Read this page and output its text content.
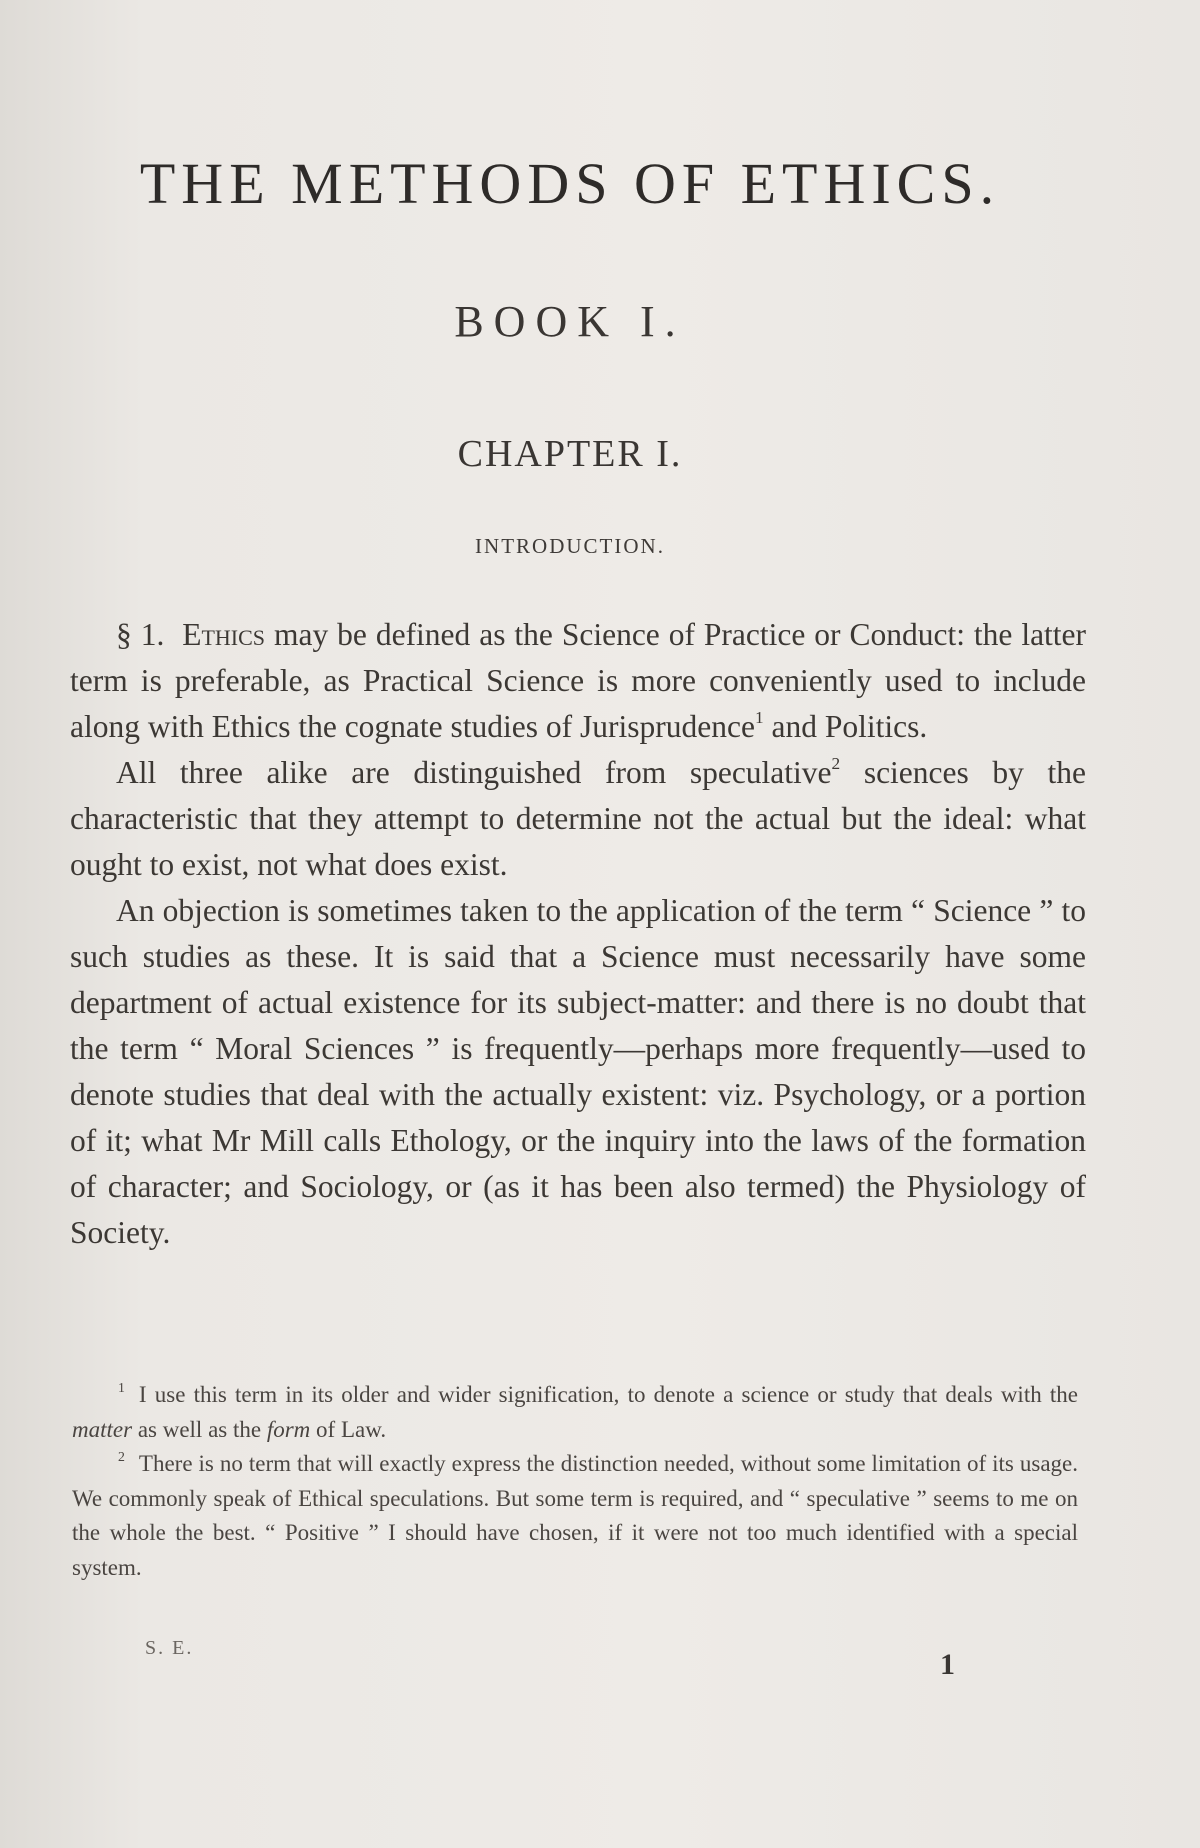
THE METHODS OF ETHICS.
BOOK I.
CHAPTER I.
INTRODUCTION.

§ 1. Ethics may be defined as the Science of Practice or Conduct: the latter term is preferable, as Practical Science is more conveniently used to include along with Ethics the cognate studies of Jurisprudence$^1$ and Politics.

All three alike are distinguished from speculative$^2$ sciences by the characteristic that they attempt to determine not the actual but the ideal: what ought to exist, not what does exist.

An objection is sometimes taken to the application of the term “ Science ” to such studies as these. It is said that a Science must necessarily have some department of actual existence for its subject-matter: and there is no doubt that the term “ Moral Sciences ” is frequently—perhaps more frequently—used to denote studies that deal with the actually existent: viz. Psychology, or a portion of it; what Mr Mill calls Ethology, or the inquiry into the laws of the formation of character; and Sociology, or (as it has been also termed) the Physiology of Society.

$^1$ I use this term in its older and wider signification, to denote a science or study that deals with the matter as well as the form of Law.

$^2$ There is no term that will exactly express the distinction needed, without some limitation of its usage. We commonly speak of Ethical speculations. But some term is required, and “ speculative ” seems to me on the whole the best. “ Positive ” I should have chosen, if it were not too much identified with a special system.

S. E.	1
